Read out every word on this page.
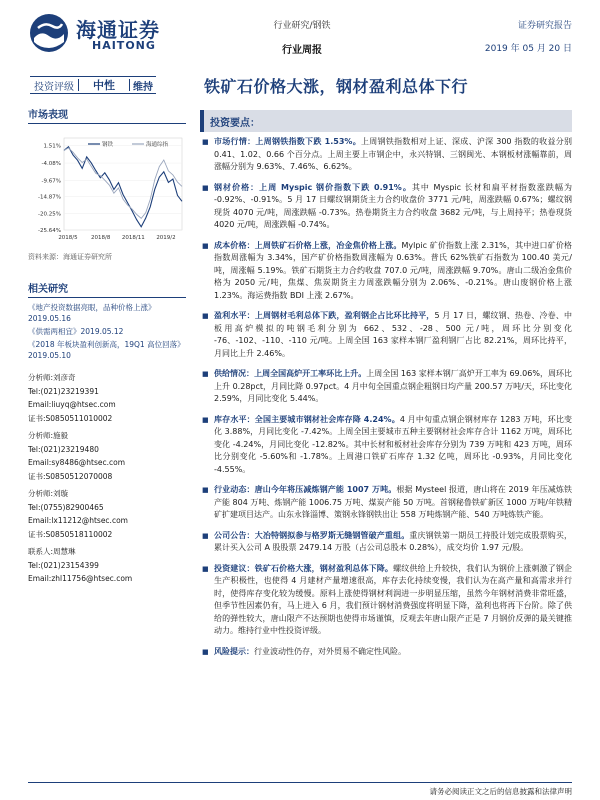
海通证券
HAITONG
行业研究/钢铁
行业周报
证券研究报告
2019 年 05 月 20 日
投资评级	中性	维持	铁矿石价格大涨，钢材盈利总体下行
市场表现
1.51%
-4.08%
-9.67%
-14.87%
-20.25%
-25.64%
2018/5 2018/8 2018/11 2019/2
钢铁	海通综指
资料来源：海通证券研究所
相关研究
《地产投资数据亮眼，品种价格上涨》2019.05.16
《供需两相宜》2019.05.12
《2018 年板块盈利创新高，19Q1 高位回落》2019.05.10
分析师:刘彦奇
Tel:(021)23219391
Email:liuyq@htsec.com
证书:S0850511010002
分析师:施毅
Tel:(021)23219480
Email:sy8486@htsec.com
证书:S0850512070008
分析师:刘璇
Tel:(0755)82900465
Email:lx11212@htsec.com
证书:S0850518110002
联系人:周慧琳
Tel:(021)23154399
Email:zhl11756@htsec.com
投资要点：
■ 市场行情：上周钢铁指数下跌 1.53%。上周钢铁指数相对上证、深成、沪深 300 指数的收益分别 0.41、1.02、0.66 个百分点。上周主要上市钢企中，永兴特钢、三钢闽光、本钢板材涨幅靠前，周涨幅分别为 9.63%、7.46%、6.62%。
■ 钢材价格：上周 Myspic 钢价指数下跌 0.91%。其中 Myspic 长材和扁平材指数涨跌幅为 -0.92%、-0.91%。5 月 17 日螺纹钢期货主力合约收盘价 3771 元/吨，周涨跌幅 0.67%；螺纹钢现货 4070 元/吨，周涨跌幅 -0.73%。热卷期货主力合约收盘 3682 元/吨，与上周持平；热卷现货 4020 元/吨，周涨跌幅 -0.74%。
■ 成本价格：上周铁矿石价格上涨，冶金焦价格上涨。Mylpic 矿价指数上涨 2.31%，其中进口矿价格指数周涨幅为 3.34%，国产矿价格指数周涨幅为 0.63%。普氏 62%铁矿石指数为 100.40 美元/吨，周涨幅 5.19%。铁矿石期货主力合约收盘 707.0 元/吨，周涨跌幅 9.70%。唐山二级冶金焦价格为 2050 元/吨，焦煤、焦炭期货主力周涨跌幅分别为 2.06%、-0.21%。唐山废钢价格上涨 1.23%。海运费指数 BDI 上涨 2.67%。
■ 盈利水平：上周钢材毛利总体下跌，盈利钢企占比环比持平，5 月 17 日，螺纹钢、热卷、冷卷、中板用高炉模拟的吨钢毛利分别为 662、532、-28、500 元/吨，周环比分别变化 -76、-102、-110、-110 元/吨。上周全国 163 家样本钢厂盈利钢厂占比 82.21%，周环比持平，月同比上升 2.46%。
■ 供给情况：上周全国高炉开工率环比上升。上周全国 163 家样本钢厂高炉开工率为 69.06%，周环比上升 0.28pct，月同比降 0.97pct。4 月中旬全国重点钢企粗钢日均产量 200.57 万吨/天，环比变化 2.59%，月同比变化 5.44%。
■ 库存水平：全国主要城市钢材社会库存降 4.24%。4 月中旬重点钢企钢材库存 1283 万吨，环比变化 3.88%，月同比变化 -7.42%。上周全国主要城市五种主要钢材社会库存合计 1162 万吨，周环比变化 -4.24%，月同比变化 -12.82%。其中长材和板材社会库存分别为 739 万吨和 423 万吨，周环比分别变化 -5.60%和 -1.78%。上周港口铁矿石库存 1.32 亿吨，周环比 -0.93%，月同比变化 -4.55%。
■ 行业动态：唐山今年将压减炼钢产能 1007 万吨。根据 Mysteel 报道，唐山将在 2019 年压减炼铁产能 804 万吨、炼钢产能 1006.75 万吨、煤炭产能 50 万吨。首钢秘鲁铁矿新区 1000 万吨/年铁精矿扩建项目达产。山东永锋淄博、策钢永锋钢铁出让 558 万吨炼钢产能、540 万吨炼铁产能。
■ 公司公告：大冶特钢拟参与格罗斯无缝钢管破产重组。重庆钢铁第一期员工持股计划完成股票购买，累计买入公司 A 股股票 2479.14 万股（占公司总股本 0.28%），成交均价 1.97 元/股。
■ 投资建议：铁矿石价格大涨，钢材盈利总体下降。螺纹供给上升较快，我们认为钢价上涨刺激了钢企生产积极性，也使得 4 月建材产量增速很高，库存去化持续变慢，我们认为在高产量和高需求并行时，使得库存变化较为缓慢。原料上涨使得钢材利润进一步明显压缩，虽然今年钢材消费非常旺盛，但季节性因素仍有，马上进入 6 月，我们预计钢材消费强度将明显下降，盈利也将再下台阶。除了供给的弹性较大，唐山限产不达预期也使得市场谨慎，反观去年唐山限产正是 7 月钢价反弹的最关键推动力。维持行业中性投资评级。
■ 风险提示：行业波动性仍存，对外贸易不确定性风险。
请务必阅读正文之后的信息披露和法律声明
